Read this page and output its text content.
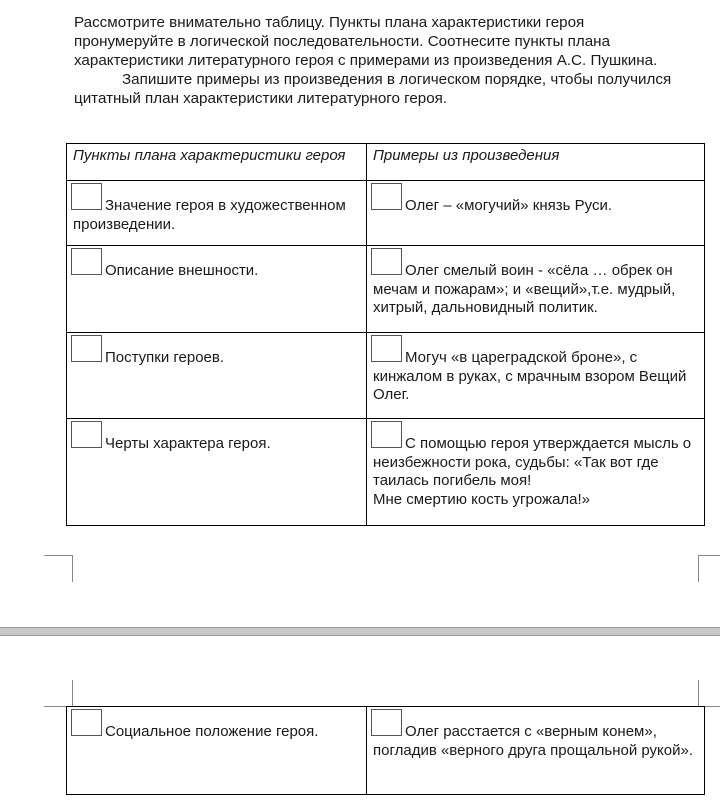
Рассмотрите внимательно таблицу. Пункты плана характеристики героя пронумеруйте в логической последовательности. Соотнесите пункты плана характеристики литературного героя с примерами из произведения А.С. Пушкина.

Запишите примеры из произведения в логическом порядке, чтобы получился цитатный план характеристики литературного героя.

Пункты плана характеристики героя	Примеры из произведения

Значение героя в художественном произведении.	Олег – «могучий» князь Руси.

Описание внешности.	Олег смелый воин - «сёла … обрек он мечам и пожарам»; и «вещий»,т.е. мудрый, хитрый, дальновидный политик.

Поступки героев.	Могуч «в цареградской броне», с кинжалом в руках, с мрачным взором Вещий Олег.

Черты характера героя.	С помощью героя утверждается мысль о неизбежности рока, судьбы: «Так вот где таилась погибель моя!
Мне смертию кость угрожала!»
Социальное положение героя.	Олег расстается с «верным конем», погладив «верного друга прощальной рукой».
